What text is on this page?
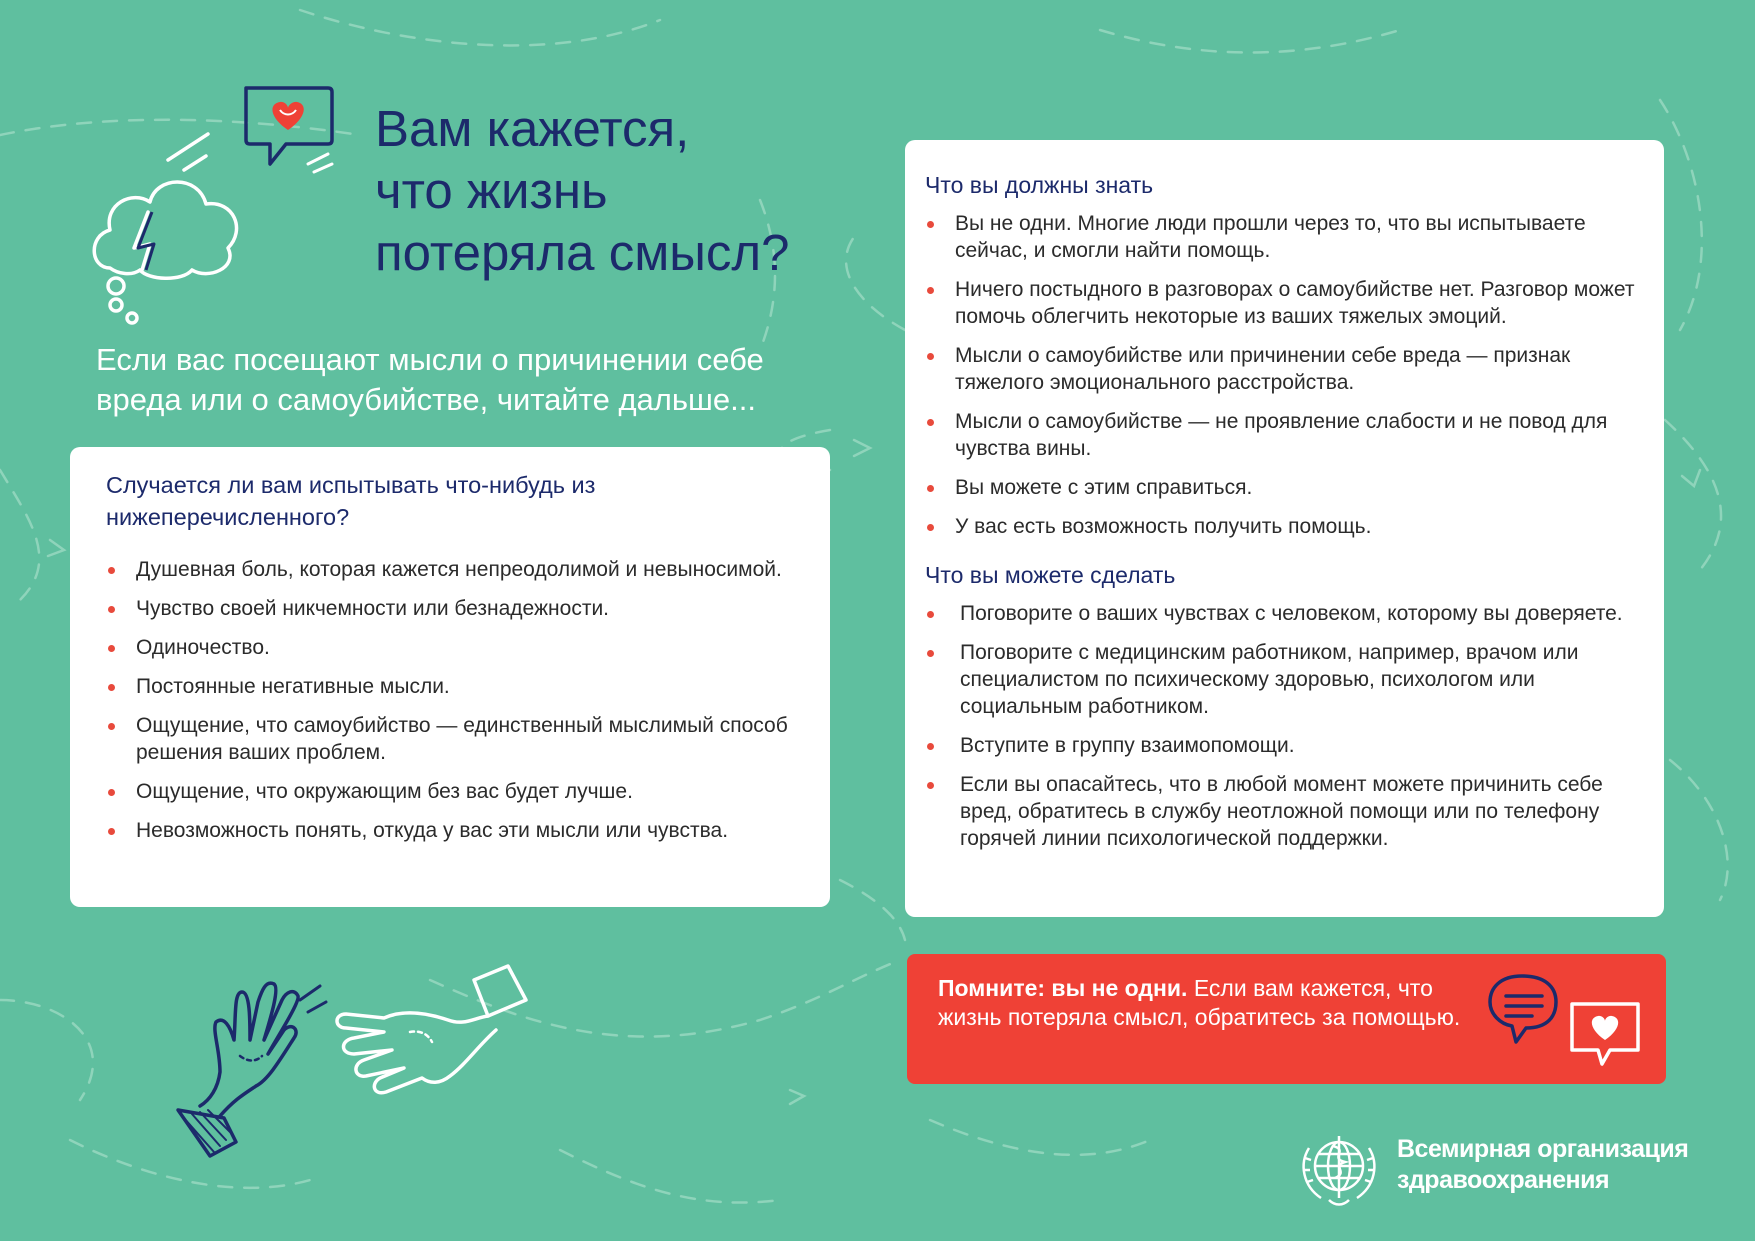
Вам кажется,
что жизнь
потеряла смысл?

Если вас посещают мысли о причинении себе вреда или о самоубийстве, читайте дальше...

Случается ли вам испытывать что-нибудь из нижеперечисленного?
Душевная боль, которая кажется непреодолимой и невыносимой.
Чувство своей никчемности или безнадежности.
Одиночество.
Постоянные негативные мысли.
Ощущение, что самоубийство — единственный мыслимый способ решения ваших проблем.
Ощущение, что окружающим без вас будет лучше.
Невозможность понять, откуда у вас эти мысли или чувства.
Что вы должны знать
Вы не одни. Многие люди прошли через то, что вы испытываете сейчас, и смогли найти помощь.
Ничего постыдного в разговорах о самоубийстве нет. Разговор может помочь облегчить некоторые из ваших тяжелых эмоций.
Мысли о самоубийстве или причинении себе вреда — признак тяжелого эмоционального расстройства.
Мысли о самоубийстве — не проявление слабости и не повод для чувства вины.
Вы можете с этим справиться.
У вас есть возможность получить помощь.
Что вы можете сделать
Поговорите о ваших чувствах с человеком, которому вы доверяете.
Поговорите с медицинским работником, например, врачом или специалистом по психическому здоровью, психологом или социальным работником.
Вступите в группу взаимопомощи.
Если вы опасайтесь, что в любой момент можете причинить себе вред, обратитесь в службу неотложной помощи или по телефону горячей линии психологической поддержки.
Помните: вы не одни. Если вам кажется, что жизнь потеряла смысл, обратитесь за помощью.
Всемирная организация
здравоохранения
